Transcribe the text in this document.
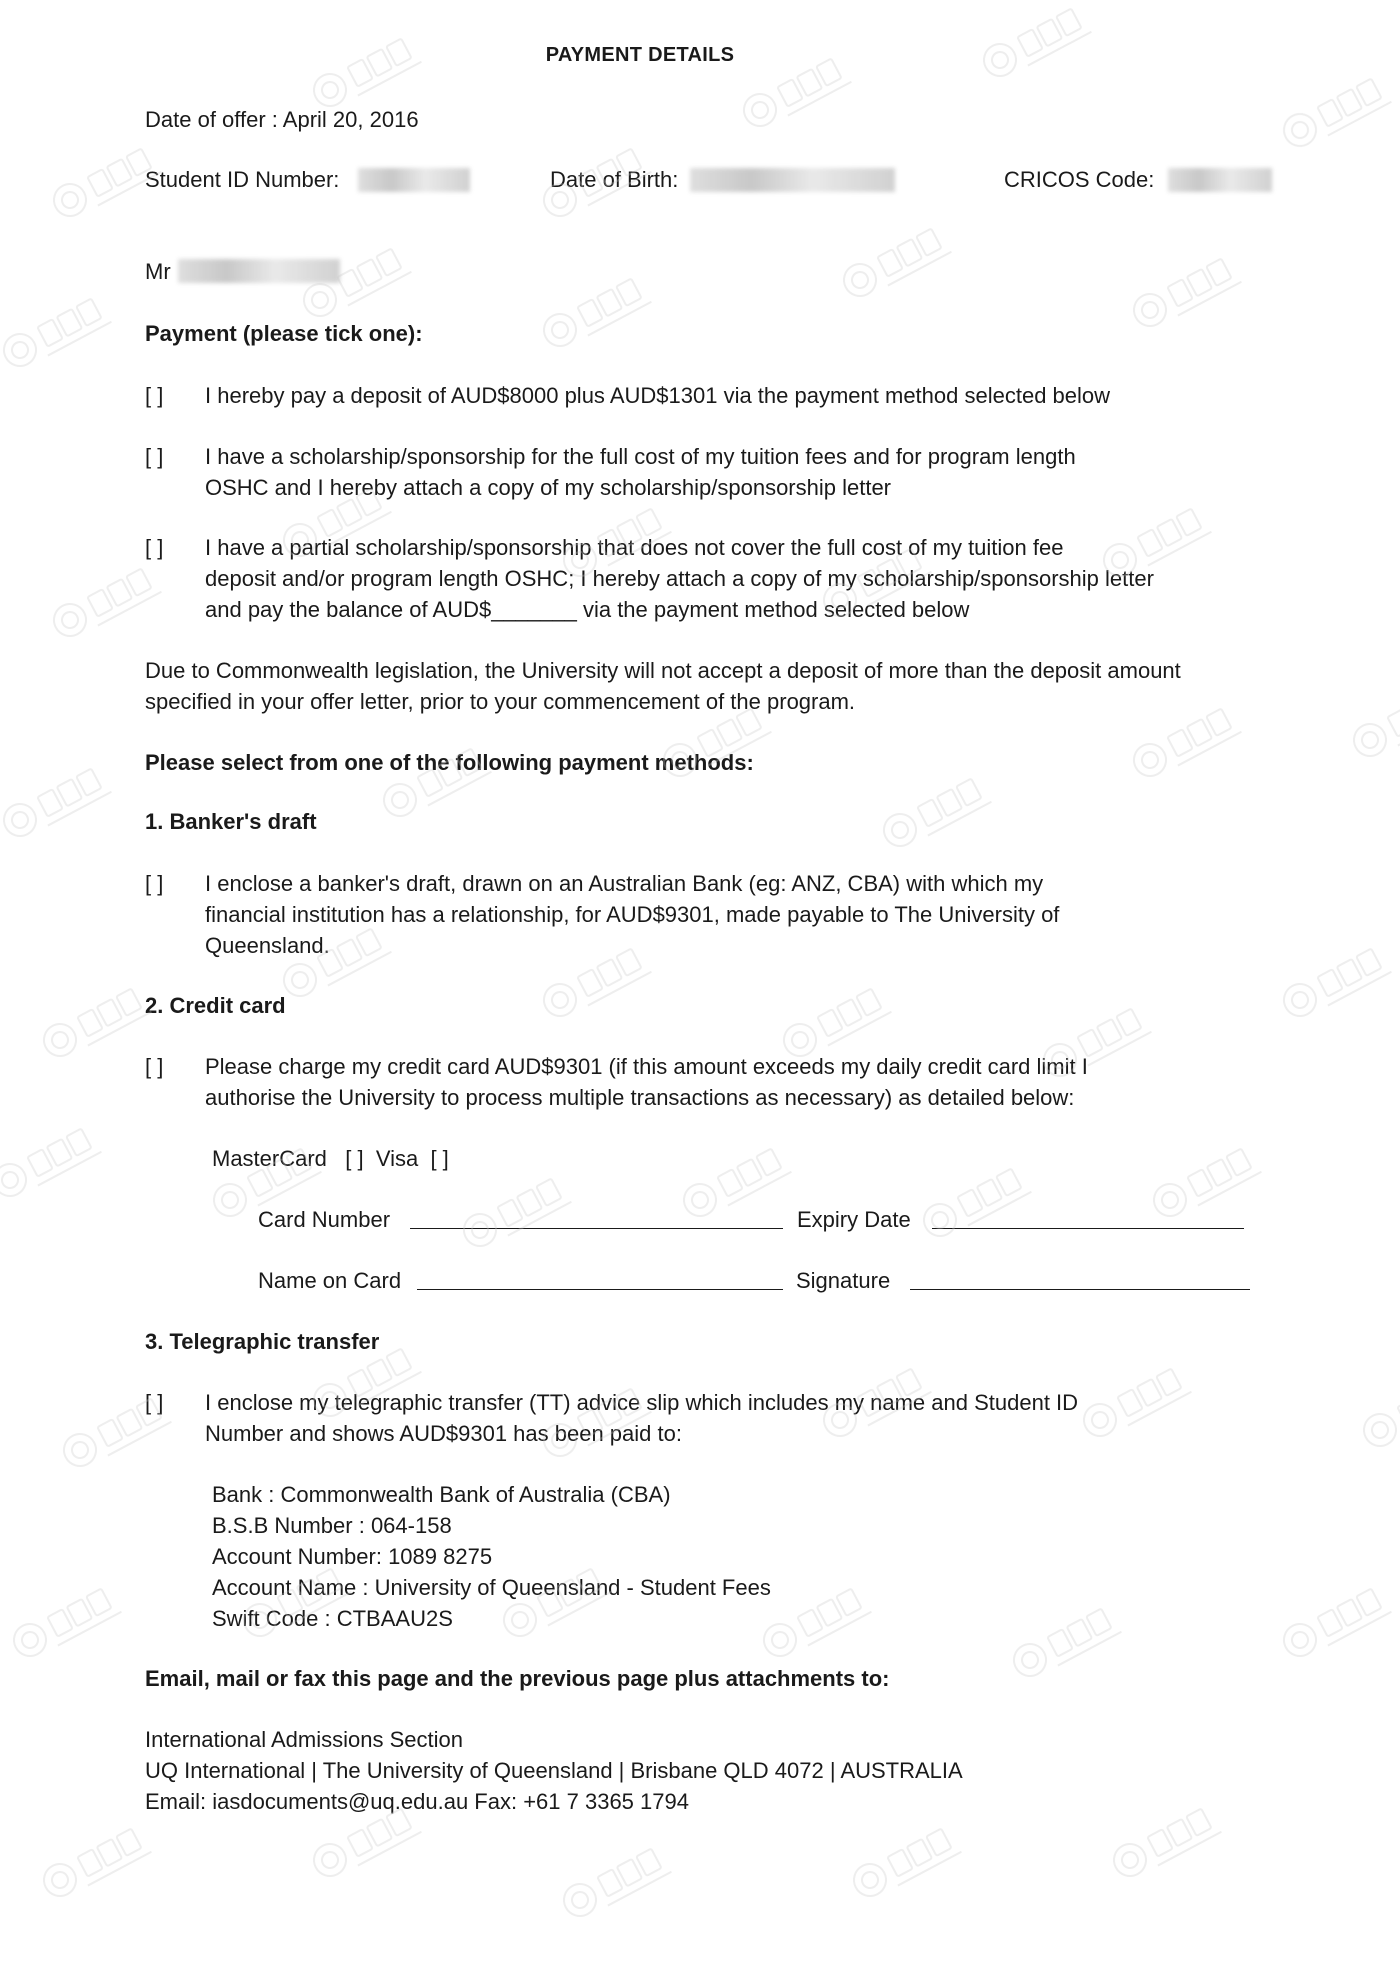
PAYMENT DETAILS
Date of offer : April 20, 2016
Student ID Number:	Date of Birth:	CRICOS Code:
Mr
Payment (please tick one):
[ ] I hereby pay a deposit of AUD$8000 plus AUD$1301 via the payment method selected below
[ ] I have a scholarship/sponsorship for the full cost of my tuition fees and for program length
OSHC and I hereby attach a copy of my scholarship/sponsorship letter
[ ] I have a partial scholarship/sponsorship that does not cover the full cost of my tuition fee
deposit and/or program length OSHC; I hereby attach a copy of my scholarship/sponsorship letter
and pay the balance of AUD$_______ via the payment method selected below
Due to Commonwealth legislation, the University will not accept a deposit of more than the deposit amount
specified in your offer letter, prior to your commencement of the program.
Please select from one of the following payment methods:
1. Banker's draft
[ ] I enclose a banker's draft, drawn on an Australian Bank (eg: ANZ, CBA) with which my
financial institution has a relationship, for AUD$9301, made payable to The University of
Queensland.
2. Credit card
[ ] Please charge my credit card AUD$9301 (if this amount exceeds my daily credit card limit I
authorise the University to process multiple transactions as necessary) as detailed below:
MasterCard   [ ]  Visa  [ ]
Card Number	Expiry Date
Name on Card	Signature
3. Telegraphic transfer
[ ] I enclose my telegraphic transfer (TT) advice slip which includes my name and Student ID
Number and shows AUD$9301 has been paid to:
Bank : Commonwealth Bank of Australia (CBA)
B.S.B Number : 064-158
Account Number: 1089 8275
Account Name : University of Queensland - Student Fees
Swift Code : CTBAAU2S
Email, mail or fax this page and the previous page plus attachments to:
International Admissions Section
UQ International | The University of Queensland | Brisbane QLD 4072 | AUSTRALIA
Email: iasdocuments@uq.edu.au Fax: +61 7 3365 1794
